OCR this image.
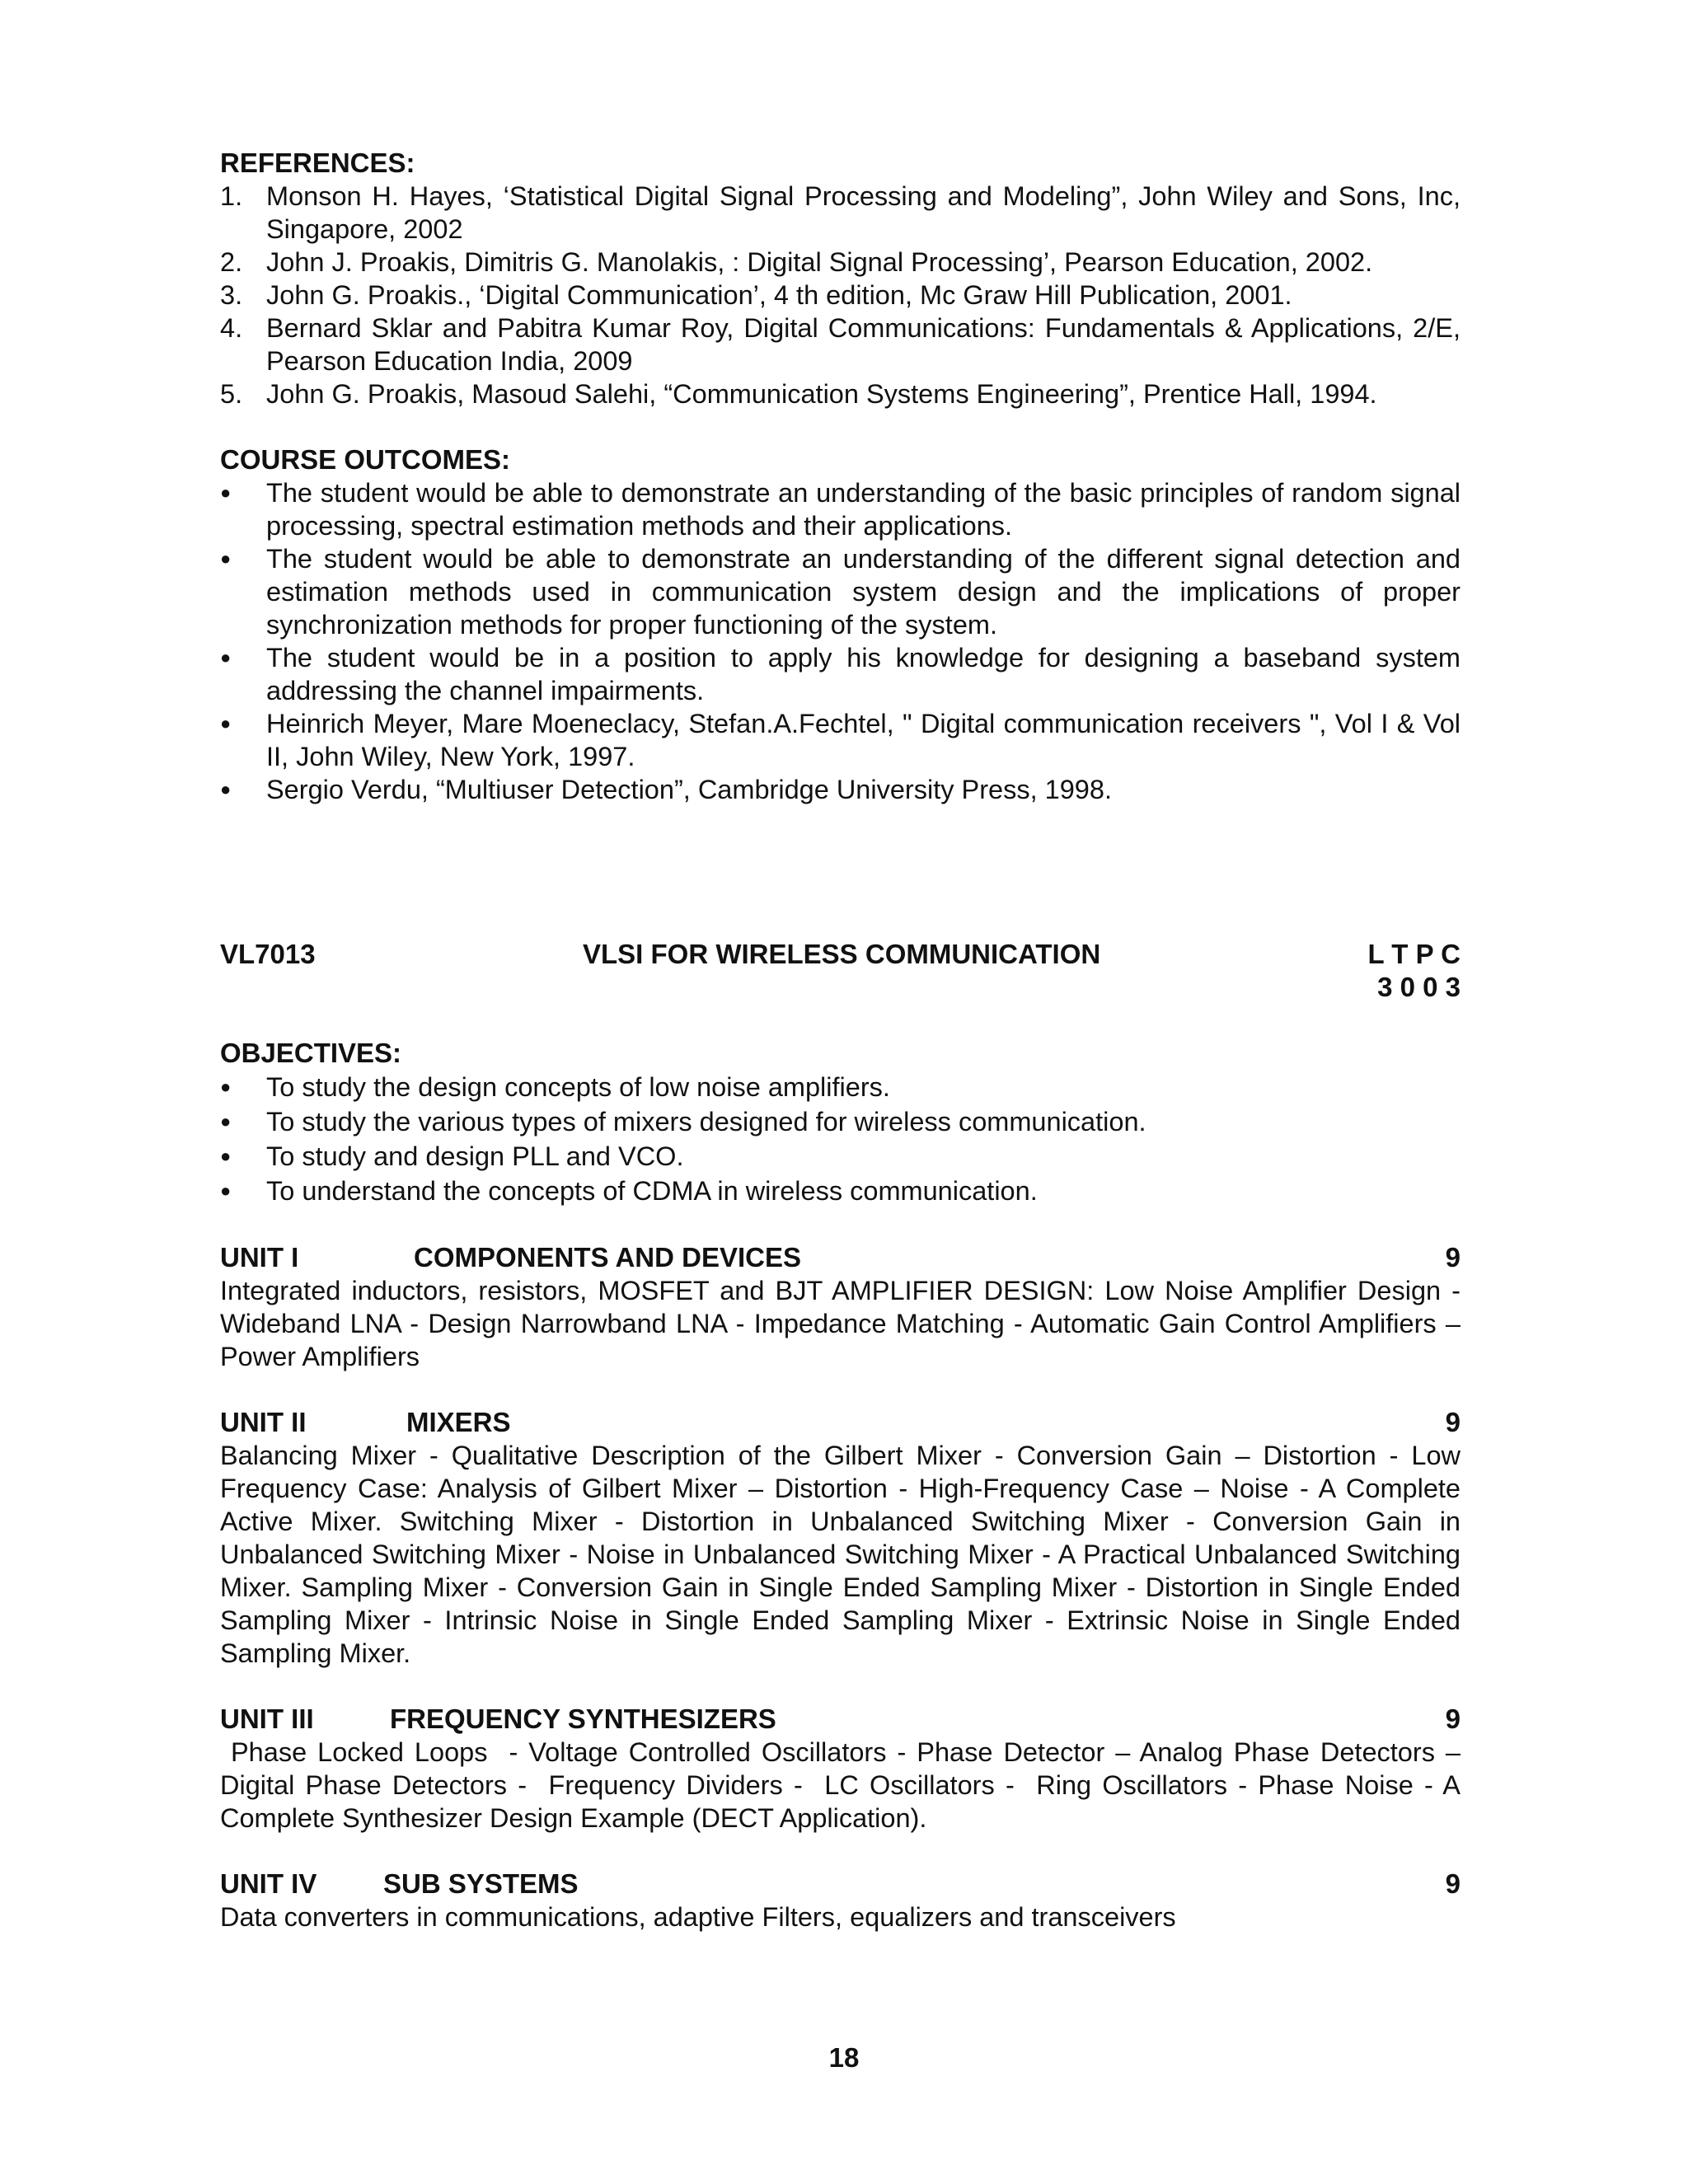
REFERENCES:
1. Monson H. Hayes, ‘Statistical Digital Signal Processing and Modeling”, John Wiley and Sons, Inc, Singapore, 2002
2. John J. Proakis, Dimitris G. Manolakis, : Digital Signal Processing’, Pearson Education, 2002.
3. John G. Proakis., ‘Digital Communication’, 4 th edition, Mc Graw Hill Publication, 2001.
4. Bernard Sklar and Pabitra Kumar Roy, Digital Communications: Fundamentals & Applications, 2/E, Pearson Education India, 2009
5. John G. Proakis, Masoud Salehi, “Communication Systems Engineering”, Prentice Hall, 1994.
COURSE OUTCOMES:
●	The student would be able to demonstrate an understanding of the basic principles of random signal processing, spectral estimation methods and their applications.
●	The student would be able to demonstrate an understanding of the different signal detection and estimation methods used in communication system design and the implications of proper synchronization methods for proper functioning of the system.
●	The student would be in a position to apply his knowledge for designing a baseband system addressing the channel impairments.
●	Heinrich Meyer, Mare Moeneclacy, Stefan.A.Fechtel, " Digital communication receivers ", Vol I & Vol II, John Wiley, New York, 1997.
●	Sergio Verdu, “Multiuser Detection”, Cambridge University Press, 1998.
VL7013	VLSI FOR WIRELESS COMMUNICATION	L T P C
3 0 0 3
OBJECTIVES:
●	To study the design concepts of low noise amplifiers.
●	To study the various types of mixers designed for wireless communication.
●	To study and design PLL and VCO.
●	To understand the concepts of CDMA in wireless communication.
UNIT I	COMPONENTS AND DEVICES	9

Integrated inductors, resistors, MOSFET and BJT AMPLIFIER DESIGN: Low Noise Amplifier Design - Wideband LNA - Design Narrowband LNA - Impedance Matching - Automatic Gain Control Amplifiers – Power Amplifiers

UNIT II	MIXERS	9

Balancing Mixer - Qualitative Description of the Gilbert Mixer - Conversion Gain – Distortion - Low Frequency Case: Analysis of Gilbert Mixer – Distortion - High-Frequency Case – Noise - A Complete Active Mixer. Switching Mixer - Distortion in Unbalanced Switching Mixer - Conversion Gain in Unbalanced Switching Mixer - Noise in Unbalanced Switching Mixer - A Practical Unbalanced Switching Mixer. Sampling Mixer - Conversion Gain in Single Ended Sampling Mixer - Distortion in Single Ended Sampling Mixer - Intrinsic Noise in Single Ended Sampling Mixer - Extrinsic Noise in Single Ended Sampling Mixer.

UNIT III	FREQUENCY SYNTHESIZERS	9

Phase Locked Loops  - Voltage Controlled Oscillators - Phase Detector – Analog Phase Detectors – Digital Phase Detectors -  Frequency Dividers -  LC Oscillators -  Ring Oscillators - Phase Noise - A Complete Synthesizer Design Example (DECT Application).

UNIT IV	SUB SYSTEMS	9

Data converters in communications, adaptive Filters, equalizers and transceivers

18
